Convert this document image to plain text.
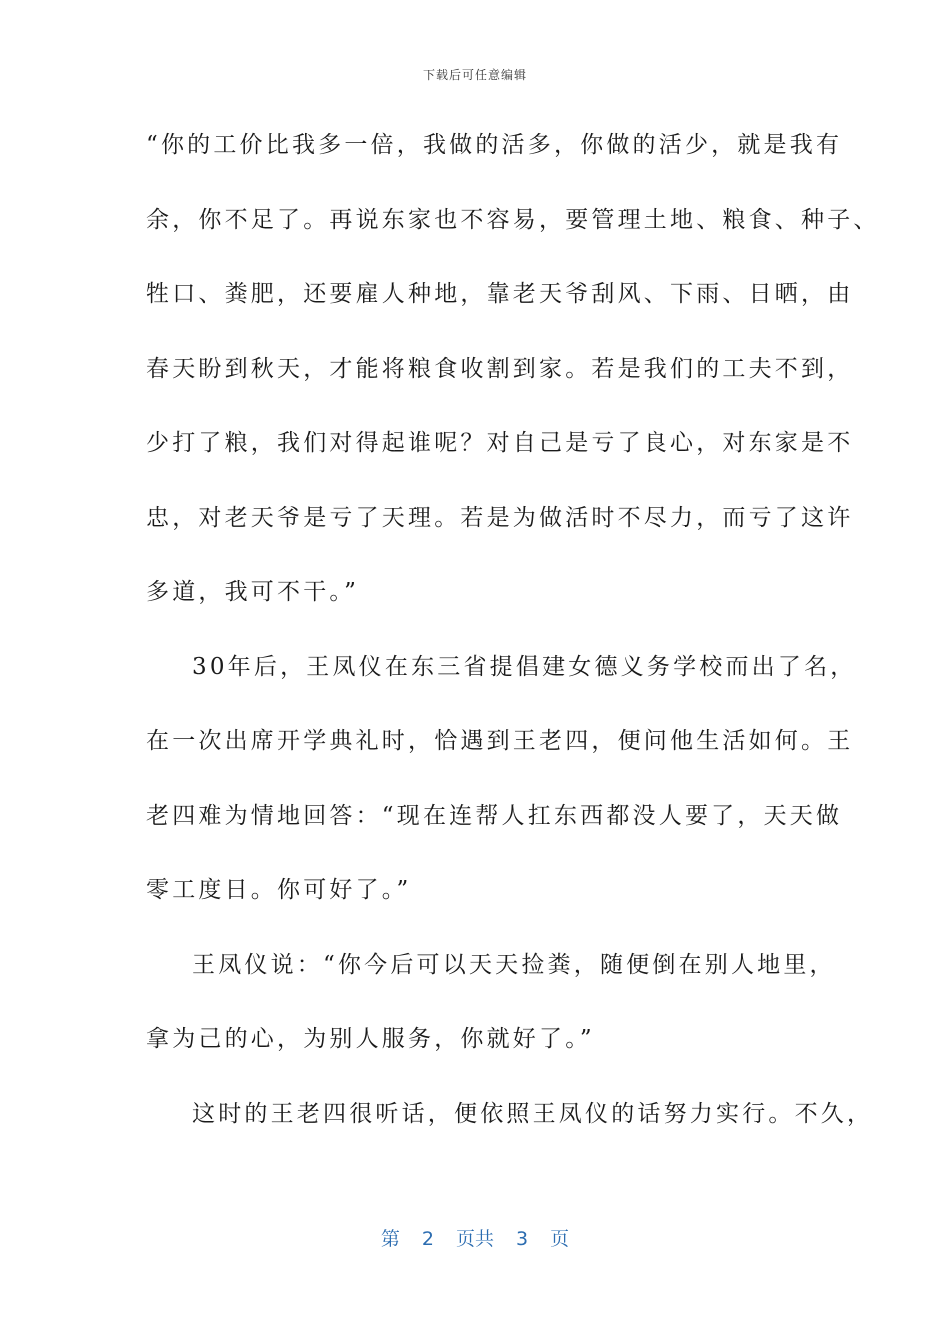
下载后可任意编辑
“你的工价比我多一倍，我做的活多，你做的活少，就是我有
余，你不足了。再说东家也不容易，要管理土地、粮食、种子、
牲口、粪肥，还要雇人种地，靠老天爷刮风、下雨、日晒，由
春天盼到秋天，才能将粮食收割到家。若是我们的工夫不到，
少打了粮，我们对得起谁呢？对自己是亏了良心，对东家是不
忠，对老天爷是亏了天理。若是为做活时不尽力，而亏了这许
多道，我可不干。”
30年后，王凤仪在东三省提倡建女德义务学校而出了名，
在一次出席开学典礼时，恰遇到王老四，便问他生活如何。王
老四难为情地回答：“现在连帮人扛东西都没人要了，天天做
零工度日。你可好了。”
王凤仪说：“你今后可以天天捡粪，随便倒在别人地里，
拿为己的心，为别人服务，你就好了。”
这时的王老四很听话，便依照王凤仪的话努力实行。不久，
第 2 页共 3 页
